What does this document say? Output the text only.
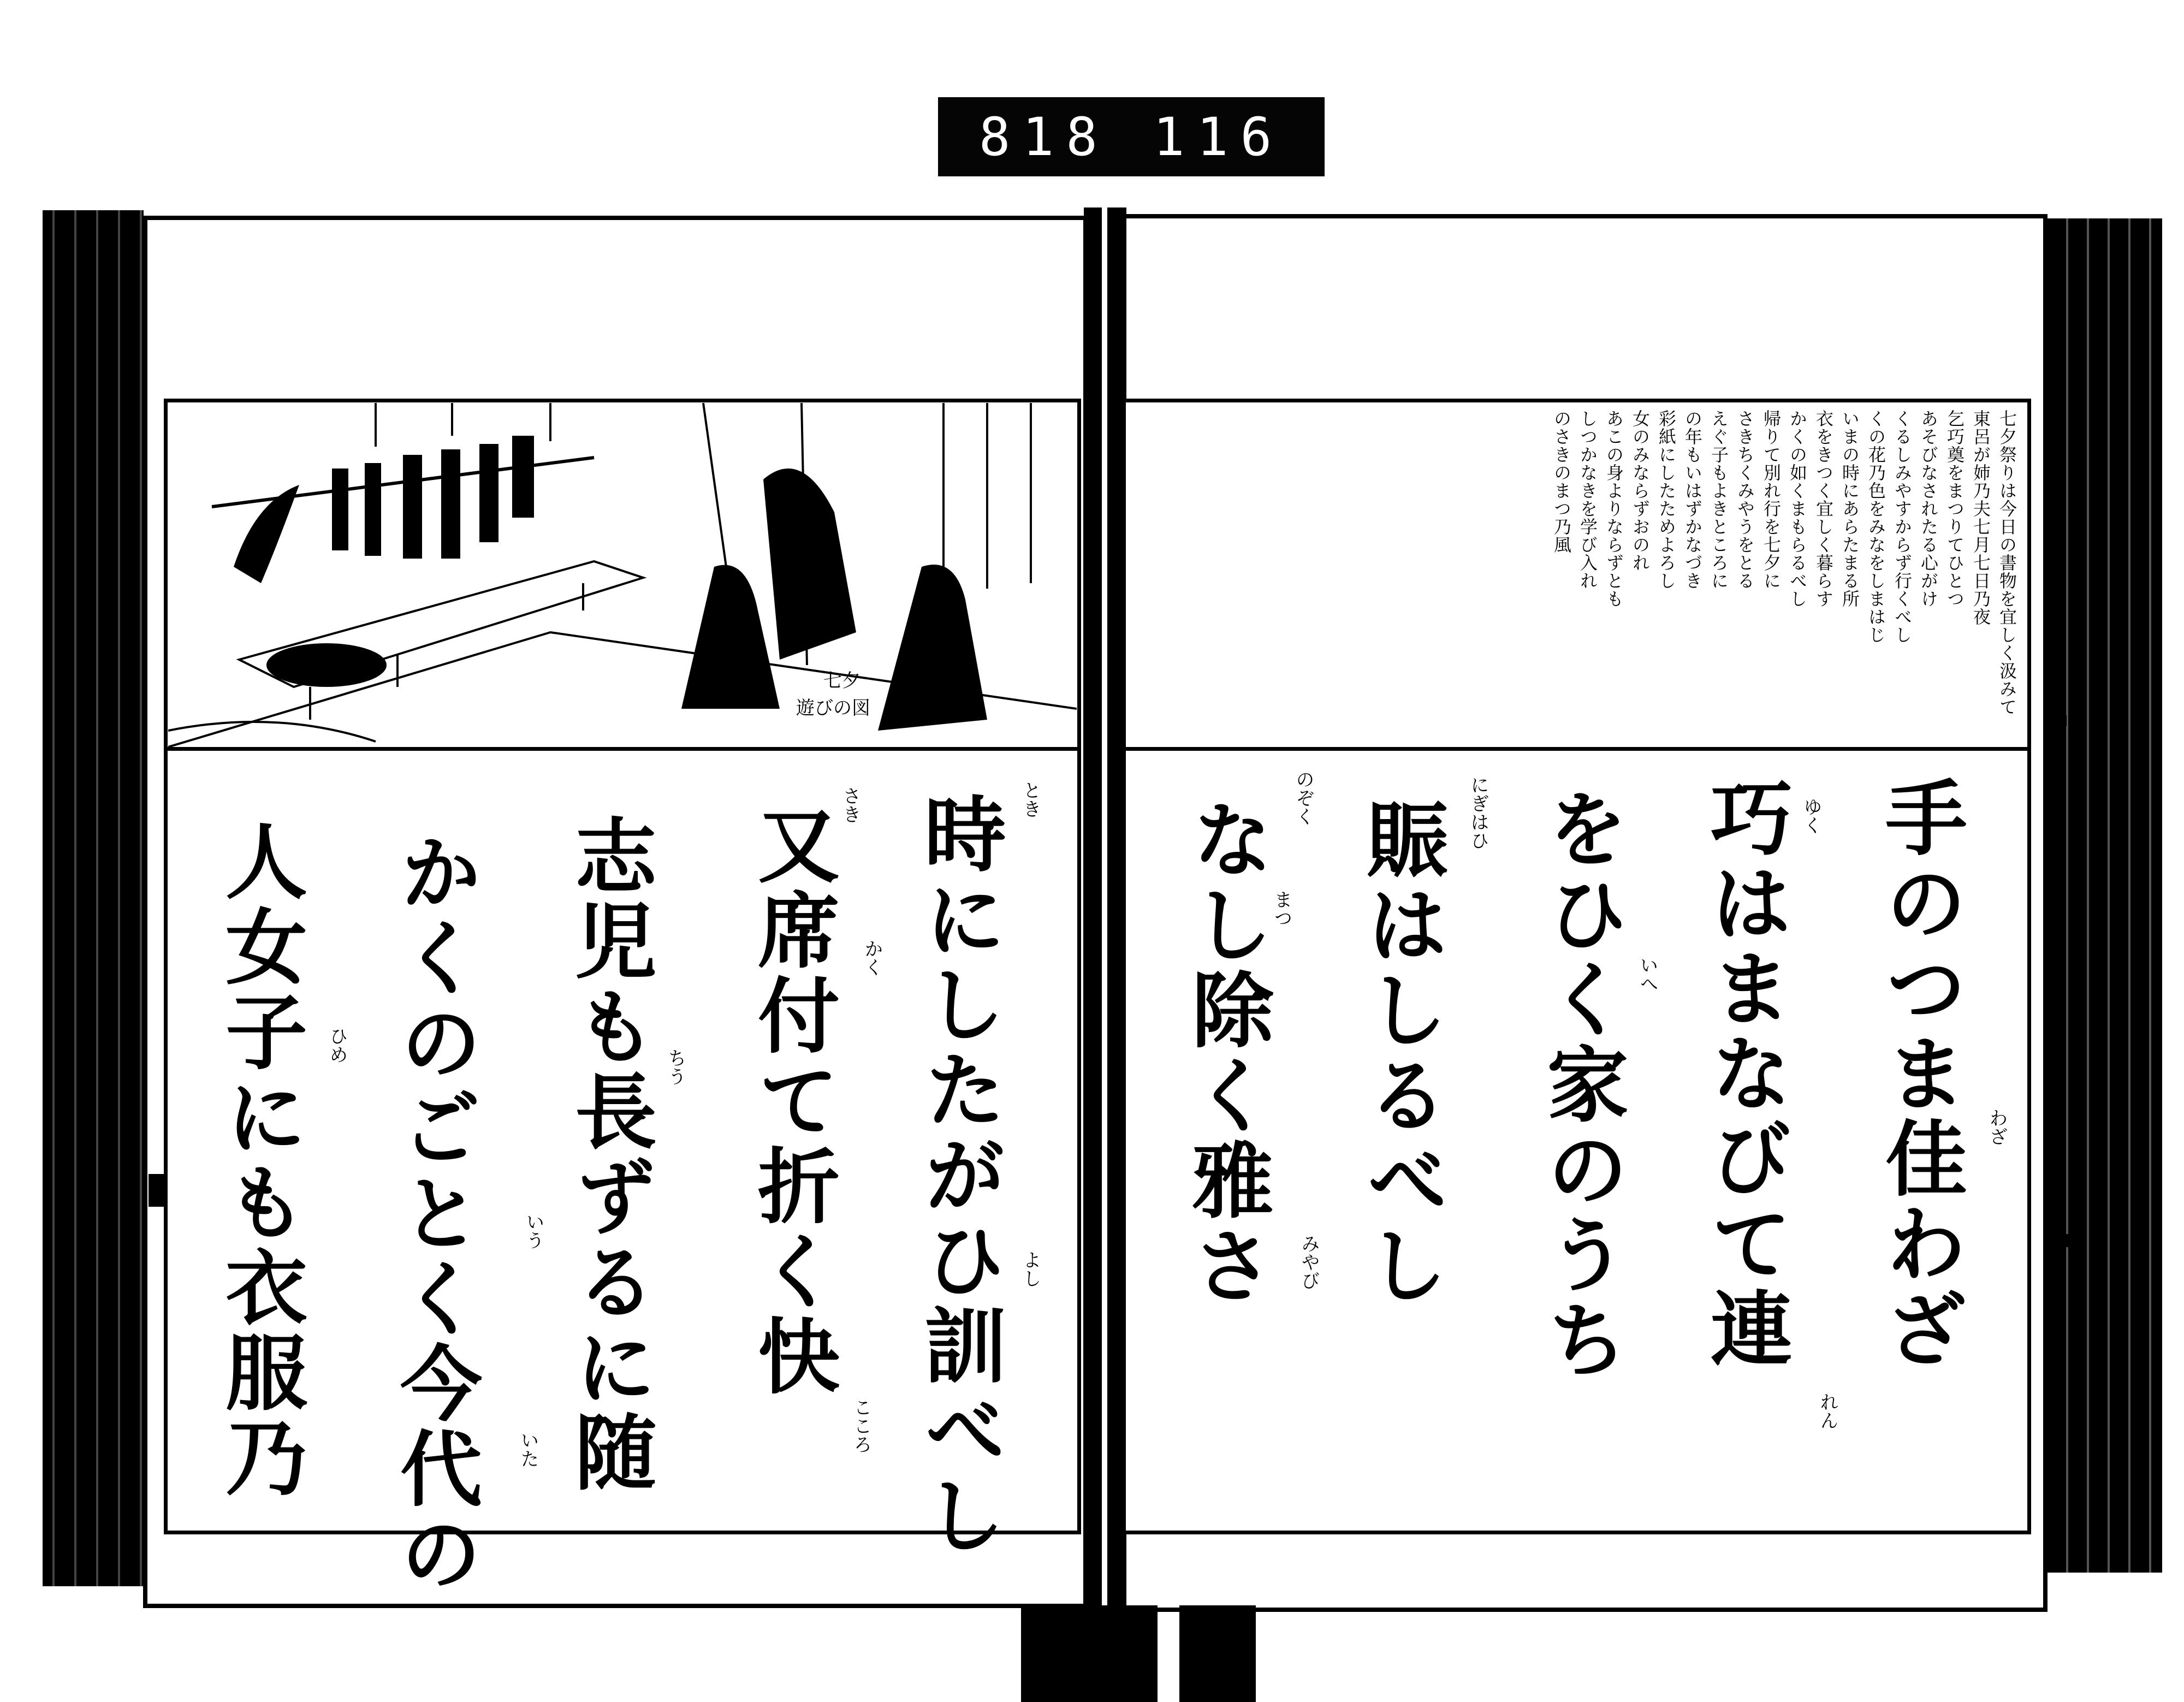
818 116
七夕
遊びの図
時にしたがひ訓べし
又席付て折く快
志児も長ずるに随
かくのごとく今代の
人女子にも衣服乃
とき
よし
さき
かく
こころ
ちう
ひめ
いう
いた
七夕祭りは今日の書物を宜しく汲みて
東呂が姉乃夫七月七日乃夜
乞巧奠をまつりてひとつ
あそびなされたる心がけ
くるしみやすからず行くべし
くの花乃色をみなをしまはじ
いまの時にあらたまる所
衣をきつく宜しく暮らす
かくの如くまもらるべし
帰りて別れ行を七夕に
さきちくみやうをとる
えぐ子もよきところに
の年もいはずかなづき
彩紙にしたためよろし
女のみならずおのれ
あこの身よりならずとも
しつかなきを学び入れ
のさきのまつ乃風
手のつま佳わざ
巧はまなびて連
をひく家のうち
賑はしるべし
なし除く雅さ	わざ
ゆく
れん
いへ
にぎはひ
まつ
のぞく
みやび
